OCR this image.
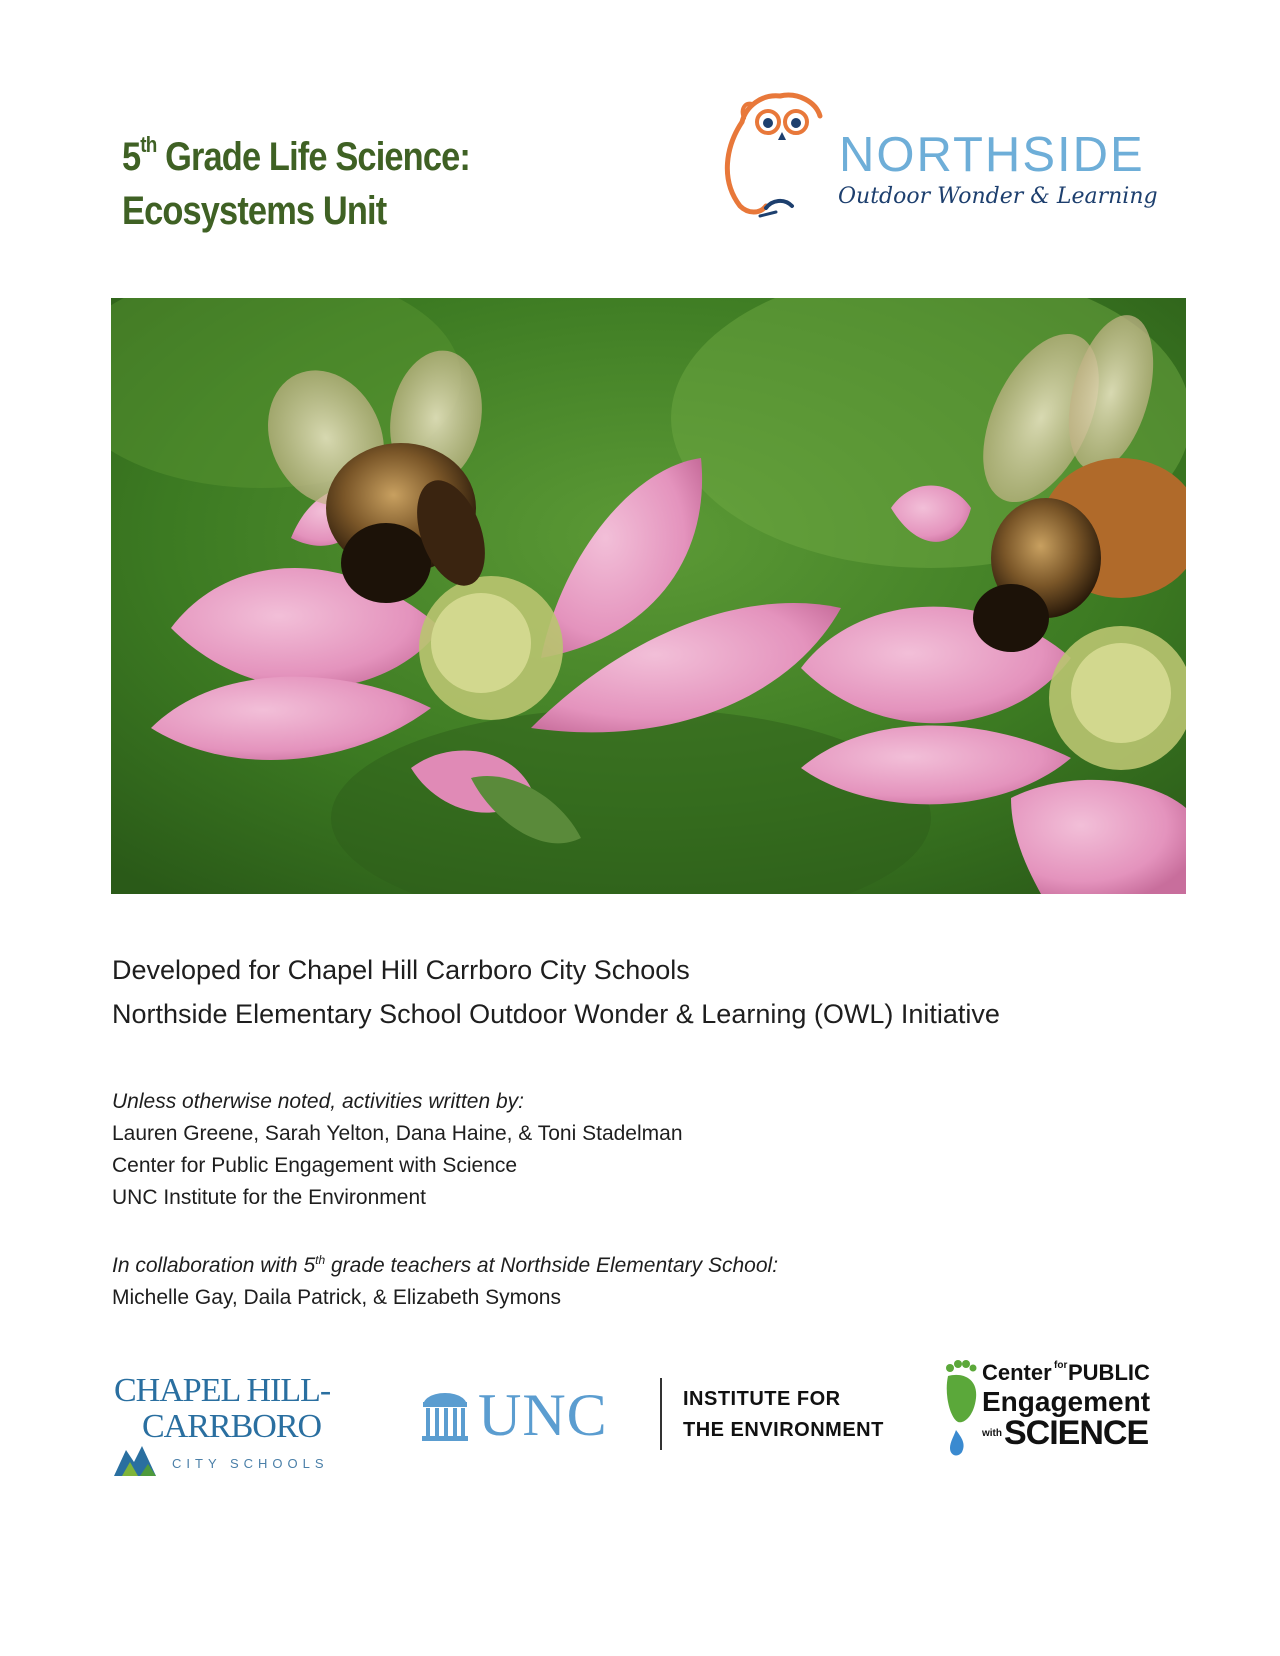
5th Grade Life Science:
Ecosystems Unit
NORTHSIDE
Outdoor Wonder & Learning
Developed for Chapel Hill Carrboro City Schools
Northside Elementary School Outdoor Wonder & Learning (OWL) Initiative
Unless otherwise noted, activities written by:
Lauren Greene, Sarah Yelton, Dana Haine, & Toni Stadelman
Center for Public Engagement with Science
UNC Institute for the Environment
In collaboration with 5th grade teachers at Northside Elementary School:
Michelle Gay, Daila Patrick, & Elizabeth Symons
CHAPEL HILL-
CARRBORO
CITY SCHOOLS
UNC	INSTITUTE FOR
THE ENVIRONMENT
Center for PUBLIC
Engagement
with SCIENCE
